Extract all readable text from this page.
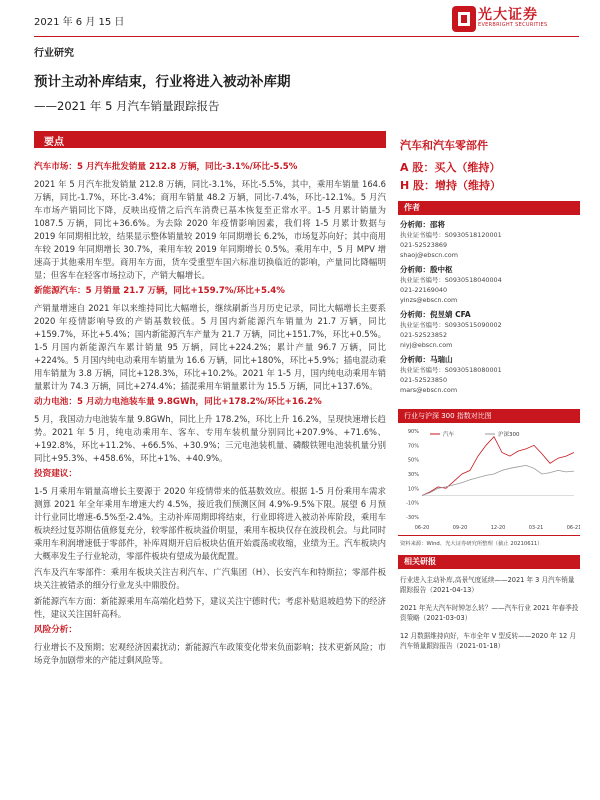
2021 年 6 月 15 日	光大证券
EVERBRIGHT SECURITIES
行业研究
预计主动补库结束，行业将进入被动补库期
——2021 年 5 月汽车销量跟踪报告
要点
汽车市场：5 月汽车批发销量 212.8 万辆，同比-3.1%/环比-5.5%

2021 年 5 月汽车批发销量 212.8 万辆，同比-3.1%，环比-5.5%，其中，乘用车销量 164.6 万辆，同比-1.7%，环比-3.4%；商用车销量 48.2 万辆，同比-7.4%，环比-12.1%。5 月汽车市场产销同比下降，反映出疫情之后汽车消费已基本恢复至正常水平。1-5 月累计销量为 1087.5 万辆，同比+36.6%。为去除 2020 年疫情影响因素，我们将 1-5 月累计数据与 2019 年同期相比较，结果显示整体销量较 2019 年同期增长 6.2%，市场复苏向好；其中商用车较 2019 年同期增长 30.7%，乘用车较 2019 年同期增长 0.5%。乘用车中，5 月 MPV 增速高于其他乘用车型。商用车方面，货车受重型车国六标准切换临近的影响，产量同比降幅明显；但客车在轻客市场拉动下，产销大幅增长。

新能源汽车：5 月销量 21.7 万辆，同比+159.7%/环比+5.4%

产销量增速自 2021 年以来维持同比大幅增长，继续刷新当月历史记录，同比大幅增长主要系 2020 年疫情影响导致的产销基数较低。5 月国内新能源汽车销量为 21.7 万辆，同比+159.7%，环比+5.4%；国内新能源汽车产量为 21.7 万辆，同比+151.7%，环比+0.5%。1-5 月国内新能源汽车累计销量 95 万辆，同比+224.2%；累计产量 96.7 万辆，同比+224%。5 月国内纯电动乘用车销量为 16.6 万辆，同比+180%，环比+5.9%；插电混动乘用车销量为 3.8 万辆，同比+128.3%，环比+10.2%。2021 年 1-5 月，国内纯电动乘用车销量累计为 74.3 万辆，同比+274.4%；插混乘用车销量累计为 15.5 万辆，同比+137.6%。

动力电池：5 月动力电池装车量 9.8GWh，同比+178.2%/环比+16.2%

5 月，我国动力电池装车量 9.8GWh，同比上升 178.2%，环比上升 16.2%，呈现快速增长趋势。2021 年 5 月，纯电动乘用车、客车、专用车装机量分别同比+207.9%、+71.6%、+192.8%，环比+11.2%、+66.5%、+30.9%；三元电池装机量、磷酸铁锂电池装机量分别同比+95.3%、+458.6%，环比+1%、+40.9%。

投资建议：

1-5 月乘用车销量高增长主要源于 2020 年疫情带来的低基数效应。根据 1-5 月份乘用车需求测算 2021 年全年乘用车增速大约 4.5%，接近我们预测区间 4.9%-9.5%下限。展望 6 月预计行业同比增速-6.5%至-2.4%。主动补库周期即将结束，行业即将进入被动补库阶段，乘用车板块经过复苏期估值修复充分，较零部件板块溢价明显，乘用车板块仅存在波段机会。与此同时乘用车利润增速低于零部件，补库周期开启后板块估值开始震荡或收缩，业绩为王。汽车板块内大概率发生子行业轮动，零部件板块有望成为最优配置。

汽车及汽车零部件：乘用车板块关注吉利汽车、广汽集团（H）、长安汽车和特斯拉；零部件板块关注被错杀的细分行业龙头中鼎股份。

新能源汽车方面：新能源乘用车高端化趋势下，建议关注宁德时代；考虑补贴退坡趋势下的经济性，建议关注国轩高科。

风险分析：

行业增长不及预期；宏观经济因素扰动；新能源汽车政策变化带来负面影响；技术更新风险；市场竞争加剧带来的产能过剩风险等。

汽车和汽车零部件
A 股：买入（维持）
H 股：增持（维持）
作者
分析师：邵将
执业证书编号：S0930518120001
021-52523869
shaoj@ebscn.com
分析师：殷中枢
执业证书编号：S0930518040004
021-22169040
yinzs@ebscn.com
分析师：倪昱婧 CFA
执业证书编号：S0930515090002
021-52523852
niyj@ebscn.com
分析师：马瑞山
执业证书编号：S0930518080001
021-52523850
mars@ebscn.com
行业与沪深 300 指数对比图
90%
70%
50%
30%
10%
-10%
-30%
06-20	09-20	12-20	03-21	06-21
汽车	沪深300
资料来源：Wind、光大证券研究所整理（截止 20210611）
相关研报

行业进入主动补库,高景气度延续——2021 年 3 月汽车销量跟踪报告（2021-04-13）

2021 年光大汽车时钟怎么转？——汽车行业 2021 年春季投资策略（2021-03-03）

12 月数据维持向好，车市全年 V 型反转——2020 年 12 月汽车销量跟踪报告（2021-01-18）
